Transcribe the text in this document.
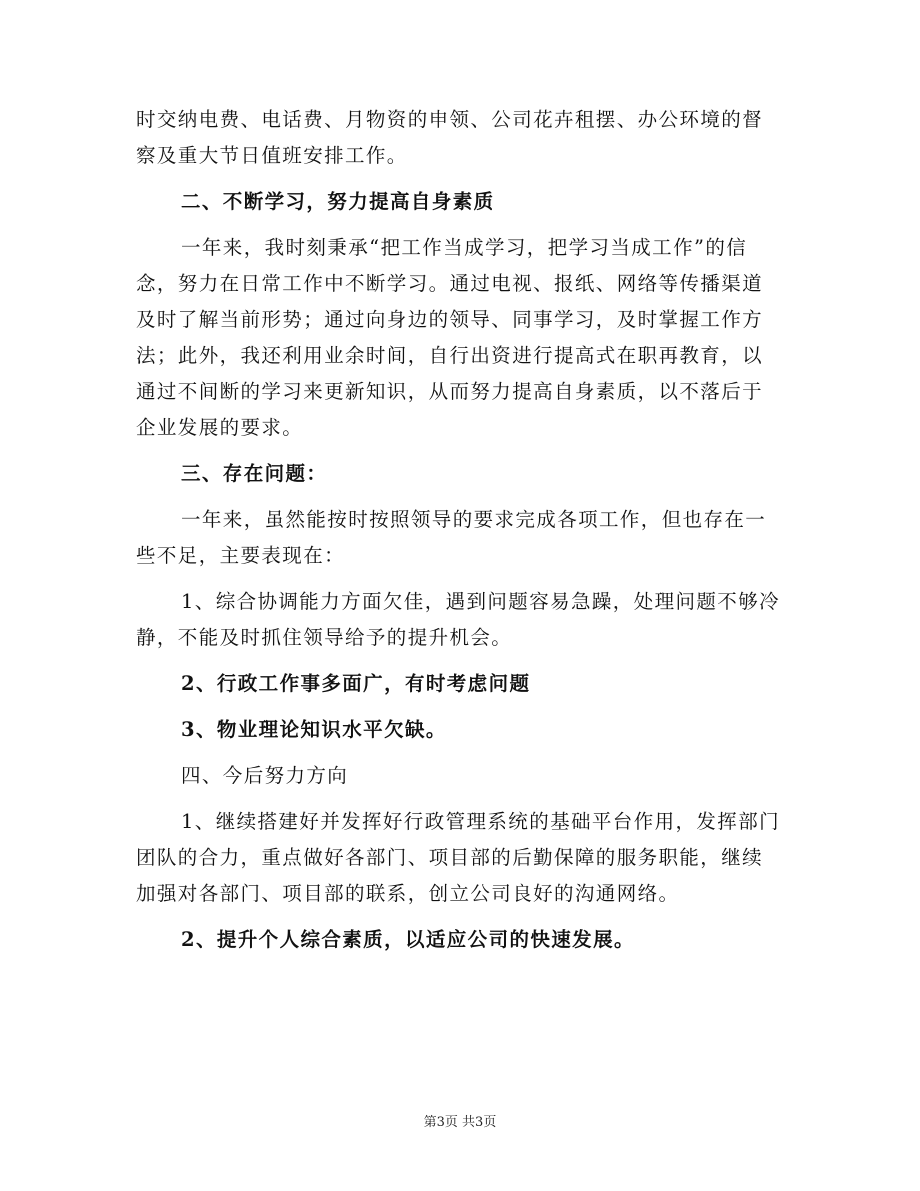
时交纳电费、电话费、月物资的申领、公司花卉租摆、办公环境的督
察及重大节日值班安排工作。
二、不断学习，努力提高自身素质
一年来，我时刻秉承“把工作当成学习，把学习当成工作”的信
念，努力在日常工作中不断学习。通过电视、报纸、网络等传播渠道
及时了解当前形势；通过向身边的领导、同事学习，及时掌握工作方
法；此外，我还利用业余时间，自行出资进行提高式在职再教育，以
通过不间断的学习来更新知识，从而努力提高自身素质，以不落后于
企业发展的要求。
三、存在问题：
一年来，虽然能按时按照领导的要求完成各项工作，但也存在一
些不足，主要表现在：
1、综合协调能力方面欠佳，遇到问题容易急躁，处理问题不够冷
静，不能及时抓住领导给予的提升机会。
2、行政工作事多面广，有时考虑问题
3、物业理论知识水平欠缺。
四、今后努力方向
1、继续搭建好并发挥好行政管理系统的基础平台作用，发挥部门
团队的合力，重点做好各部门、项目部的后勤保障的服务职能，继续
加强对各部门、项目部的联系，创立公司良好的沟通网络。
2、提升个人综合素质，以适应公司的快速发展。
第3页 共3页
